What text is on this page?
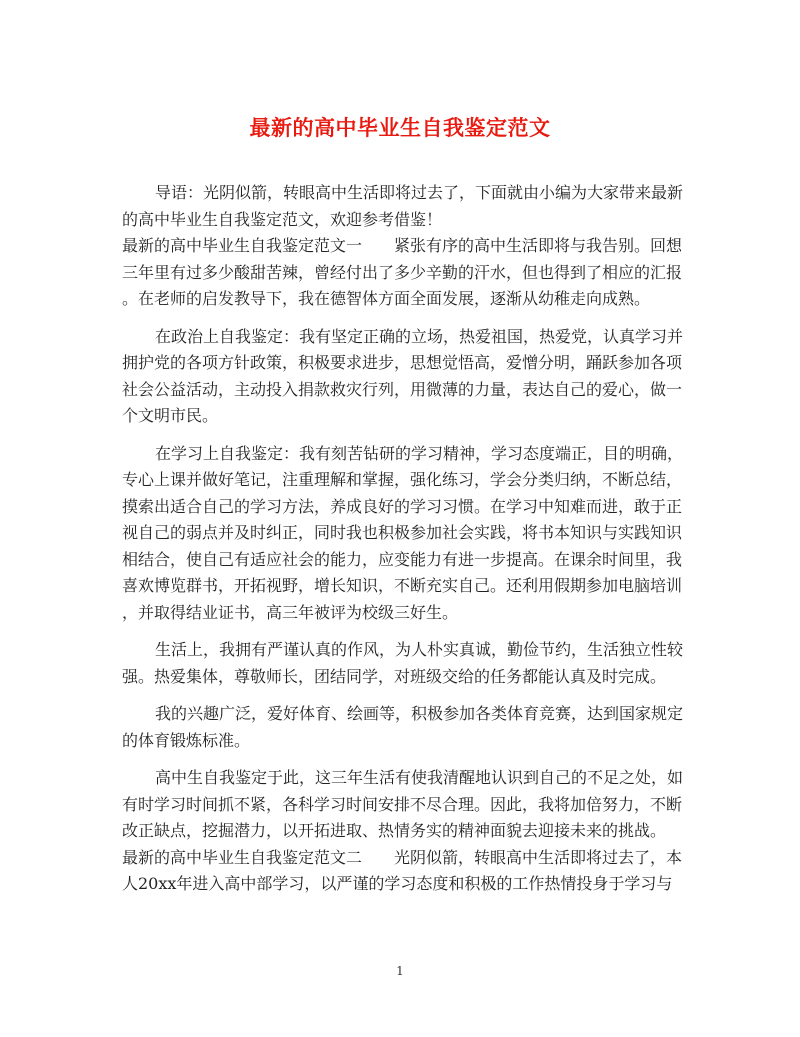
最新的高中毕业生自我鉴定范文
导语：光阴似箭，转眼高中生活即将过去了，下面就由小编为大家带来最新
的高中毕业生自我鉴定范文，欢迎参考借鉴！
最新的高中毕业生自我鉴定范文一　　紧张有序的高中生活即将与我告别。回想
三年里有过多少酸甜苦辣，曾经付出了多少辛勤的汗水，但也得到了相应的汇报
。在老师的启发教导下，我在德智体方面全面发展，逐渐从幼稚走向成熟。
在政治上自我鉴定：我有坚定正确的立场，热爱祖国，热爱党，认真学习并
拥护党的各项方针政策，积极要求进步，思想觉悟高，爱憎分明，踊跃参加各项
社会公益活动，主动投入捐款救灾行列，用微薄的力量，表达自己的爱心，做一
个文明市民。
在学习上自我鉴定：我有刻苦钻研的学习精神，学习态度端正，目的明确，
专心上课并做好笔记，注重理解和掌握，强化练习，学会分类归纳，不断总结，
摸索出适合自己的学习方法，养成良好的学习习惯。在学习中知难而进，敢于正
视自己的弱点并及时纠正，同时我也积极参加社会实践，将书本知识与实践知识
相结合，使自己有适应社会的能力，应变能力有进一步提高。在课余时间里，我
喜欢博览群书，开拓视野，增长知识，不断充实自己。还利用假期参加电脑培训
，并取得结业证书，高三年被评为校级三好生。
生活上，我拥有严谨认真的作风，为人朴实真诚，勤俭节约，生活独立性较
强。热爱集体，尊敬师长，团结同学，对班级交给的任务都能认真及时完成。
我的兴趣广泛，爱好体育、绘画等，积极参加各类体育竞赛，达到国家规定
的体育锻炼标准。
高中生自我鉴定于此，这三年生活有使我清醒地认识到自己的不足之处，如
有时学习时间抓不紧，各科学习时间安排不尽合理。因此，我将加倍努力，不断
改正缺点，挖掘潜力，以开拓进取、热情务实的精神面貌去迎接未来的挑战。
最新的高中毕业生自我鉴定范文二　　光阴似箭，转眼高中生活即将过去了，本
人20xx年进入高中部学习，以严谨的学习态度和积极的工作热情投身于学习与
1
